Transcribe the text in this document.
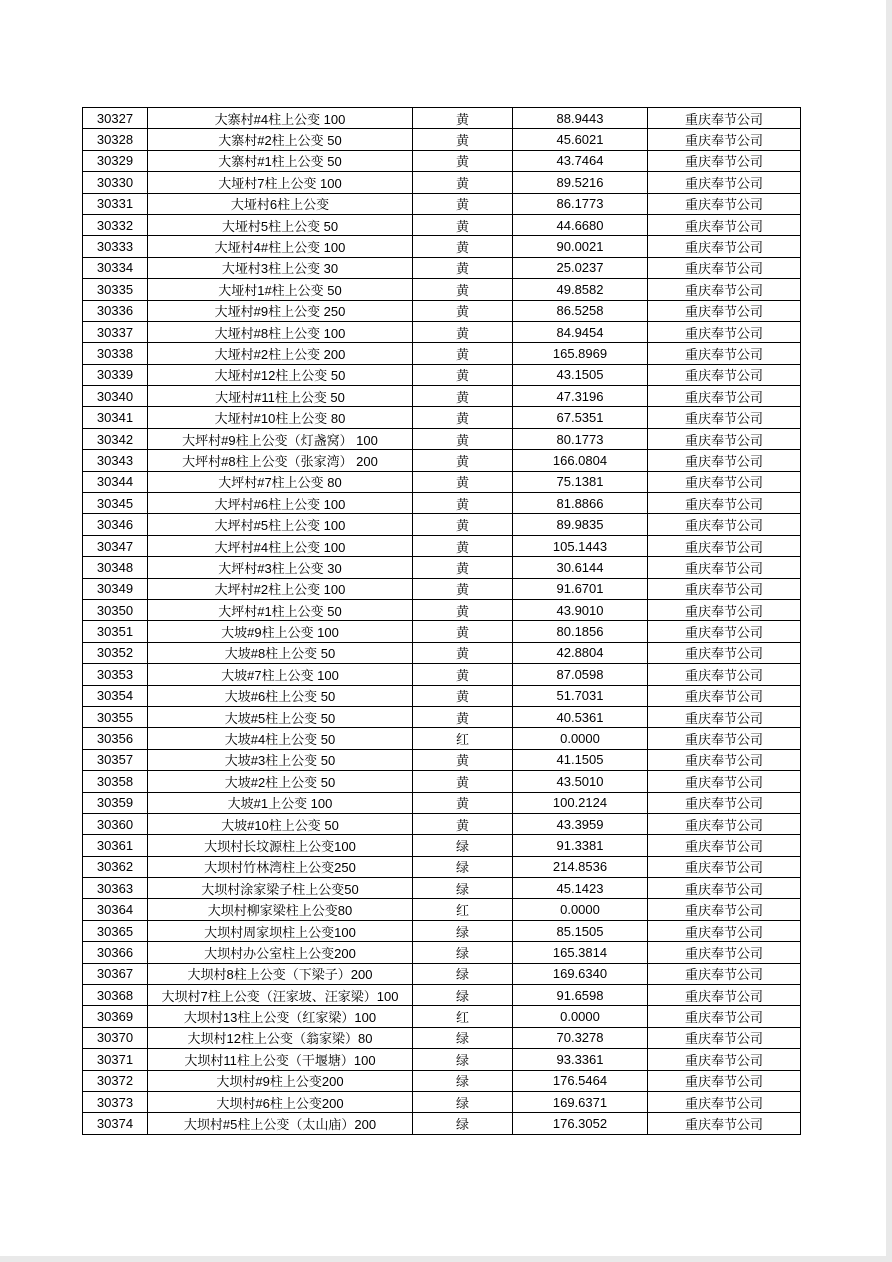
30327	大寨村#4柱上公变 100	黄	88.9443	重庆奉节公司
30328	大寨村#2柱上公变 50	黄	45.6021	重庆奉节公司
30329	大寨村#1柱上公变 50	黄	43.7464	重庆奉节公司
30330	大垭村7柱上公变 100	黄	89.5216	重庆奉节公司
30331	大垭村6柱上公变	黄	86.1773	重庆奉节公司
30332	大垭村5柱上公变 50	黄	44.6680	重庆奉节公司
30333	大垭村4#柱上公变 100	黄	90.0021	重庆奉节公司
30334	大垭村3柱上公变 30	黄	25.0237	重庆奉节公司
30335	大垭村1#柱上公变 50	黄	49.8582	重庆奉节公司
30336	大垭村#9柱上公变 250	黄	86.5258	重庆奉节公司
30337	大垭村#8柱上公变 100	黄	84.9454	重庆奉节公司
30338	大垭村#2柱上公变 200	黄	165.8969	重庆奉节公司
30339	大垭村#12柱上公变 50	黄	43.1505	重庆奉节公司
30340	大垭村#11柱上公变 50	黄	47.3196	重庆奉节公司
30341	大垭村#10柱上公变 80	黄	67.5351	重庆奉节公司
30342	大坪村#9柱上公变（灯盏窝） 100	黄	80.1773	重庆奉节公司
30343	大坪村#8柱上公变（张家湾） 200	黄	166.0804	重庆奉节公司
30344	大坪村#7柱上公变 80	黄	75.1381	重庆奉节公司
30345	大坪村#6柱上公变 100	黄	81.8866	重庆奉节公司
30346	大坪村#5柱上公变 100	黄	89.9835	重庆奉节公司
30347	大坪村#4柱上公变 100	黄	105.1443	重庆奉节公司
30348	大坪村#3柱上公变 30	黄	30.6144	重庆奉节公司
30349	大坪村#2柱上公变 100	黄	91.6701	重庆奉节公司
30350	大坪村#1柱上公变 50	黄	43.9010	重庆奉节公司
30351	大坡#9柱上公变 100	黄	80.1856	重庆奉节公司
30352	大坡#8柱上公变 50	黄	42.8804	重庆奉节公司
30353	大坡#7柱上公变 100	黄	87.0598	重庆奉节公司
30354	大坡#6柱上公变 50	黄	51.7031	重庆奉节公司
30355	大坡#5柱上公变 50	黄	40.5361	重庆奉节公司
30356	大坡#4柱上公变 50	红	0.0000	重庆奉节公司
30357	大坡#3柱上公变 50	黄	41.1505	重庆奉节公司
30358	大坡#2柱上公变 50	黄	43.5010	重庆奉节公司
30359	大坡#1上公变 100	黄	100.2124	重庆奉节公司
30360	大坡#10柱上公变 50	黄	43.3959	重庆奉节公司
30361	大坝村长坟源柱上公变100	绿	91.3381	重庆奉节公司
30362	大坝村竹林湾柱上公变250	绿	214.8536	重庆奉节公司
30363	大坝村涂家梁子柱上公变50	绿	45.1423	重庆奉节公司
30364	大坝村柳家梁柱上公变80	红	0.0000	重庆奉节公司
30365	大坝村周家坝柱上公变100	绿	85.1505	重庆奉节公司
30366	大坝村办公室柱上公变200	绿	165.3814	重庆奉节公司
30367	大坝村8柱上公变（下梁子）200	绿	169.6340	重庆奉节公司
30368	大坝村7柱上公变（汪家坡、汪家梁）100	绿	91.6598	重庆奉节公司
30369	大坝村13柱上公变（红家梁）100	红	0.0000	重庆奉节公司
30370	大坝村12柱上公变（翁家梁）80	绿	70.3278	重庆奉节公司
30371	大坝村11柱上公变（干堰塘）100	绿	93.3361	重庆奉节公司
30372	大坝村#9柱上公变200	绿	176.5464	重庆奉节公司
30373	大坝村#6柱上公变200	绿	169.6371	重庆奉节公司
30374	大坝村#5柱上公变（太山庙）200	绿	176.3052	重庆奉节公司
